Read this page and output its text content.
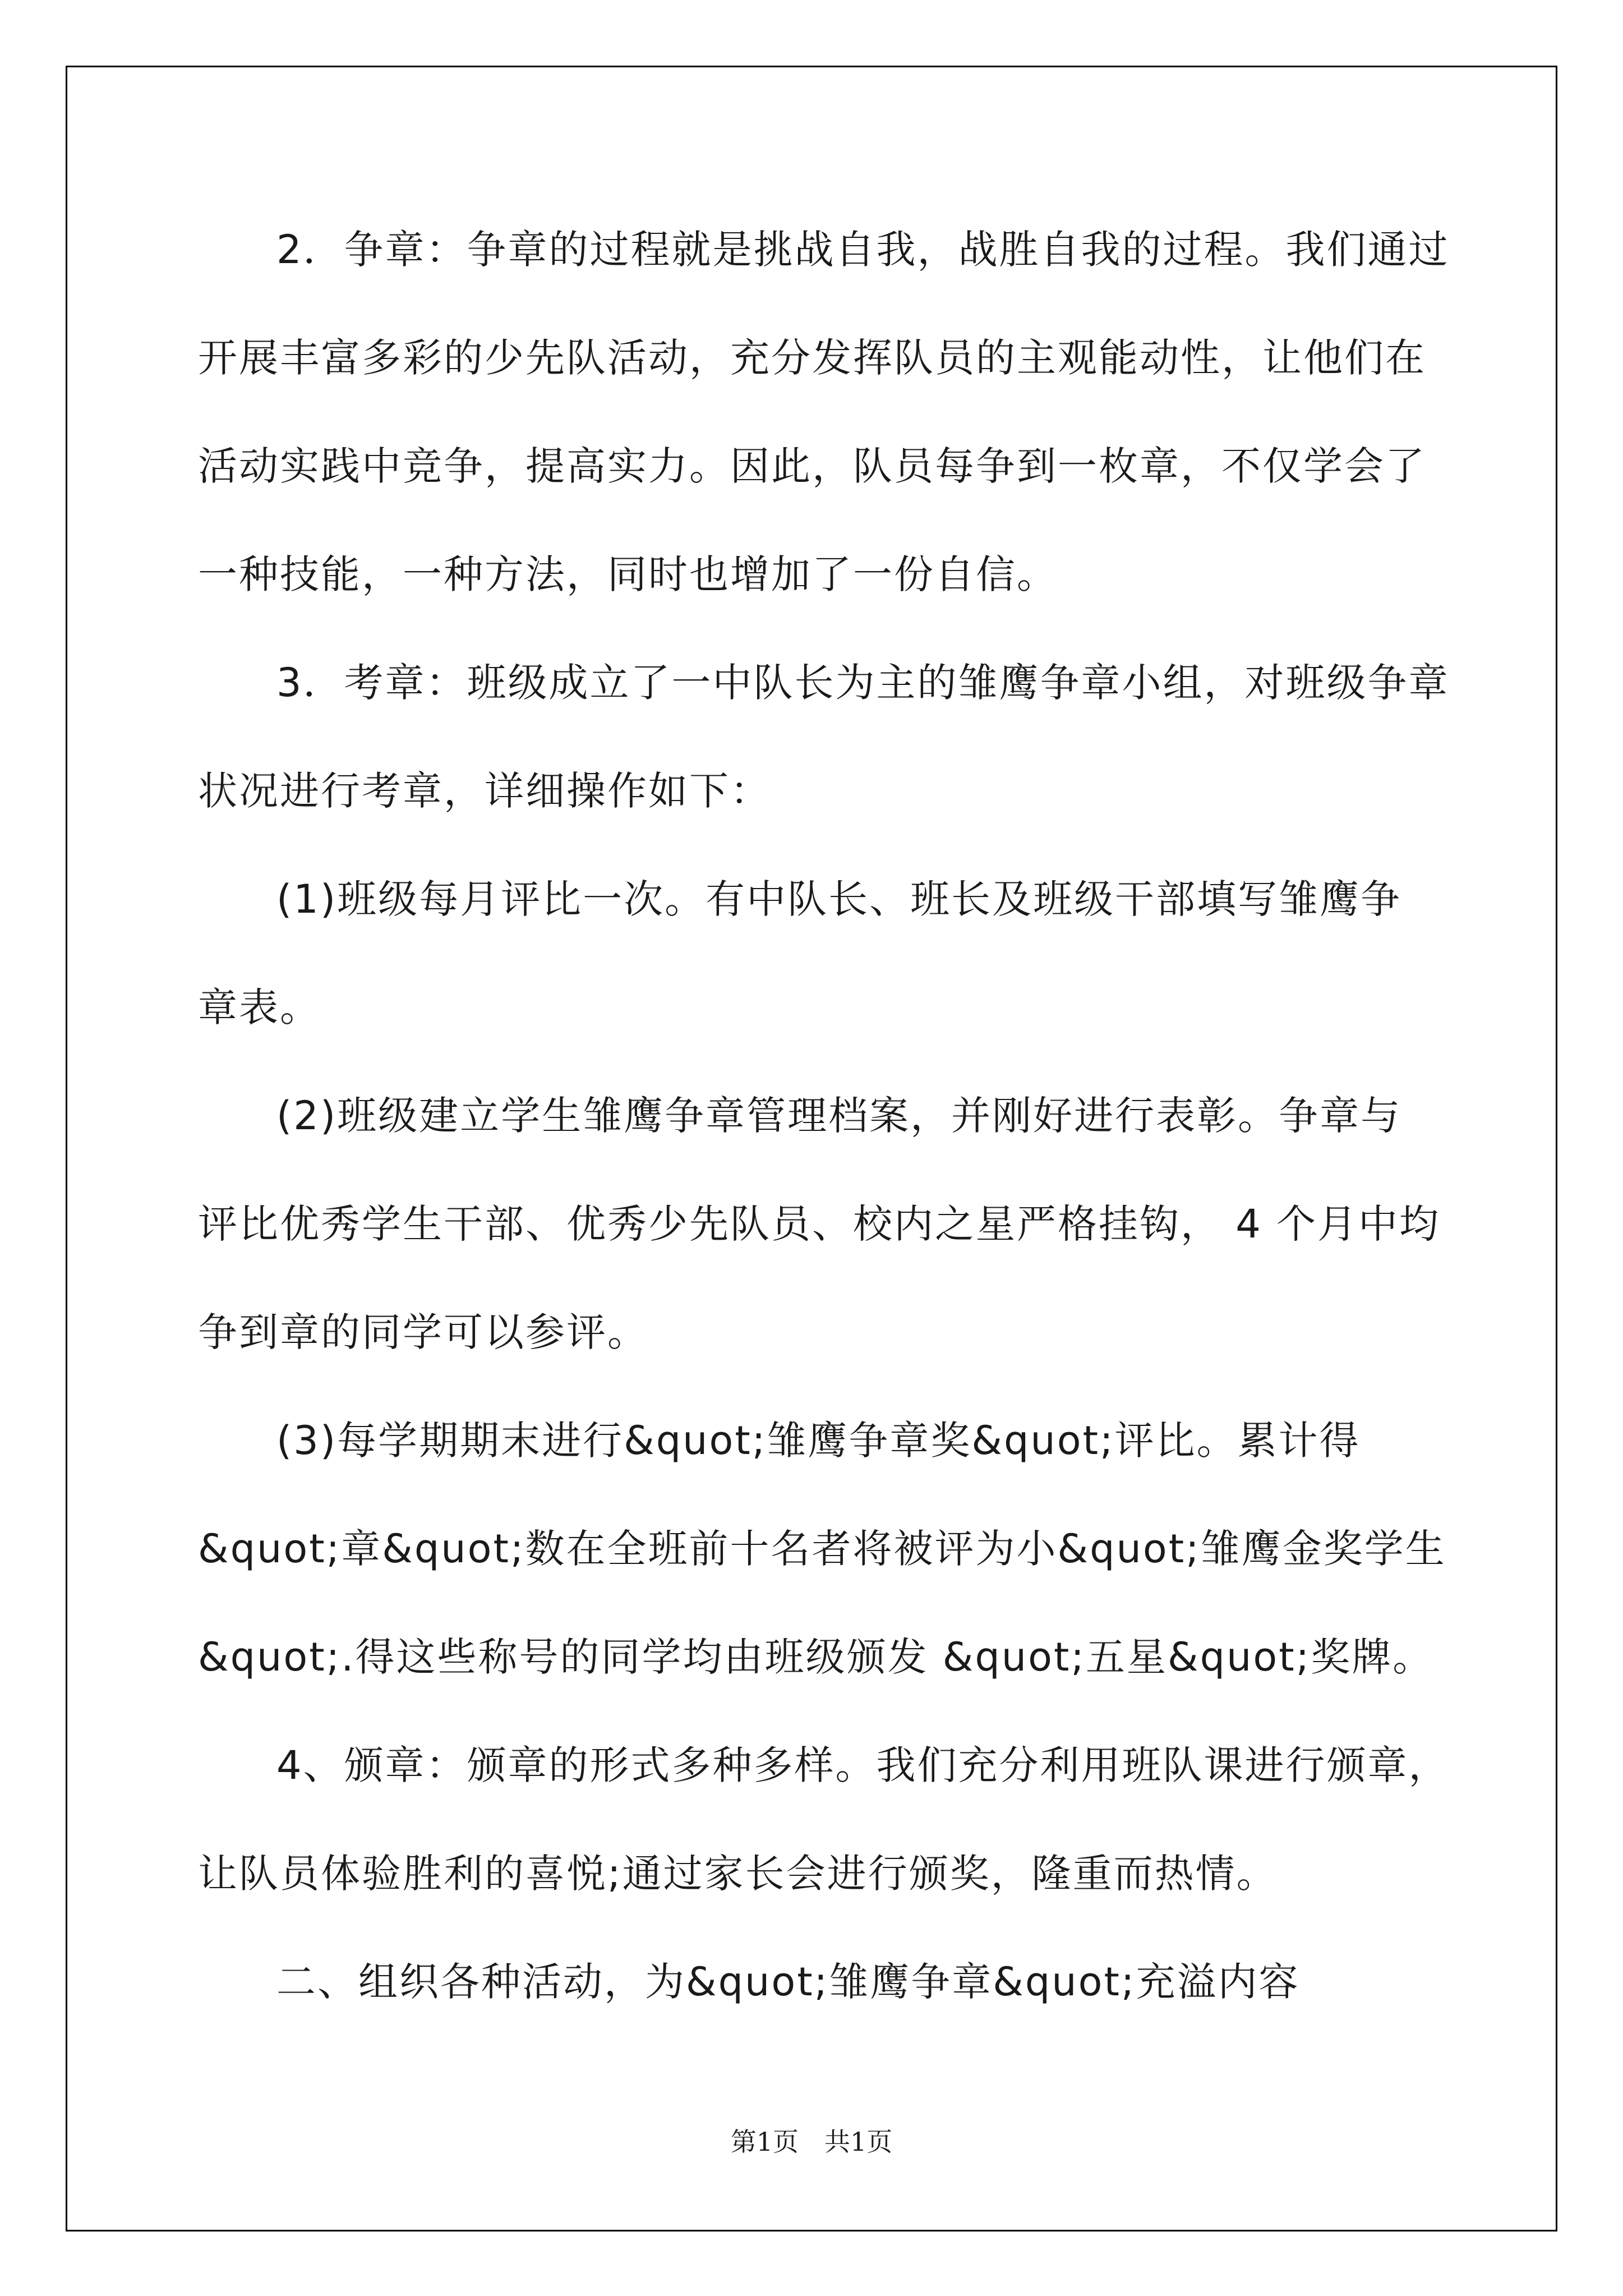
2．争章：争章的过程就是挑战自我，战胜自我的过程。我们通过
开展丰富多彩的少先队活动，充分发挥队员的主观能动性，让他们在
活动实践中竞争，提高实力。因此，队员每争到一枚章，不仅学会了
一种技能，一种方法，同时也增加了一份自信。
3．考章：班级成立了一中队长为主的雏鹰争章小组，对班级争章
状况进行考章，详细操作如下：
(1)班级每月评比一次。有中队长、班长及班级干部填写雏鹰争
章表。
(2)班级建立学生雏鹰争章管理档案，并刚好进行表彰。争章与
评比优秀学生干部、优秀少先队员、校内之星严格挂钩， 4 个月中均
争到章的同学可以参评。
(3)每学期期末进行&quot;雏鹰争章奖&quot;评比。累计得
&quot;章&quot;数在全班前十名者将被评为小&quot;雏鹰金奖学生
&quot;.得这些称号的同学均由班级颁发 &quot;五星&quot;奖牌。
4、颁章：颁章的形式多种多样。我们充分利用班队课进行颁章，
让队员体验胜利的喜悦;通过家长会进行颁奖，隆重而热情。
二、组织各种活动，为&quot;雏鹰争章&quot;充溢内容
第1页　共1页
